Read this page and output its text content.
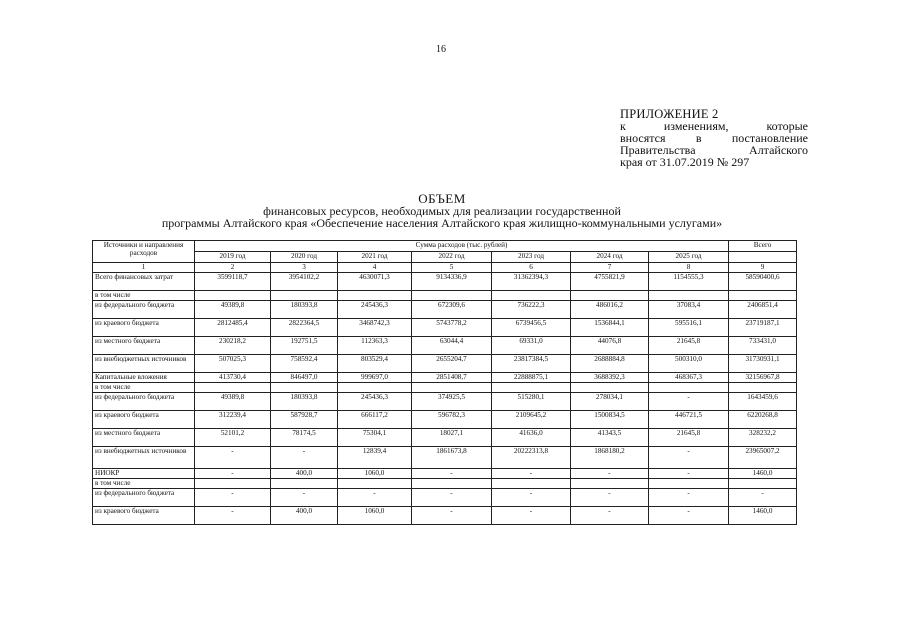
16
ПРИЛОЖЕНИЕ 2
к изменениям, которые
вносятся в постановление
Правительства Алтайского
края от 31.07.2019 № 297
ОБЪЕМ
финансовых ресурсов, необходимых для реализации государственной
программы Алтайского края «Обеспечение населения Алтайского края жилищно-коммунальными услугами»
Источники и направления расходов	Сумма расходов (тыс. рублей)							Всего
	2019 год	2020 год	2021 год	2022 год	2023 год	2024 год	2025 год	
1	2	3	4	5	6	7	8	9
Всего финансовых затрат	3599118,7	3954102,2	4630071,3	9134336,9	31362394,3	4755821,9	1154555,3	58590400,6
в том числе								
из федерального бюджета	49389,8	180393,8	245436,3	672309,6	736222,3	486016,2	37083,4	2406851,4
из краевого бюджета	2812485,4	2822364,5	3468742,3	5743778,2	6739456,5	1536844,1	595516,1	23719187,1
из местного бюджета	230218,2	192751,5	112363,3	63044,4	69331,0	44076,8	21645,8	733431,0
из внебюджетных источников	507025,3	758592,4	803529,4	2655204,7	23817384,5	2688884,8	500310,0	31730931,1
Капитальные вложения	413730,4	846497,0	999697,0	2851408,7	22888875,1	3688392,3	468367,3	32156967,8
в том числе								
из федерального бюджета	49389,8	180393,8	245436,3	374925,5	515280,1	278034,1	-	1643459,6
из краевого бюджета	312239,4	587928,7	666117,2	596782,3	2109645,2	1500834,5	446721,5	6220268,8
из местного бюджета	52101,2	78174,5	75304,1	18027,1	41636,0	41343,5	21645,8	328232,2
из внебюджетных источников	-	-	12839,4	1861673,8	20222313,8	1868180,2	-	23965007,2
НИОКР	-	400,0	1060,0	-	-	-	-	1460,0
в том числе								
из федерального бюджета	-	-	-	-	-	-	-	-
из краевого бюджета	-	400,0	1060,0	-	-	-	-	1460,0
